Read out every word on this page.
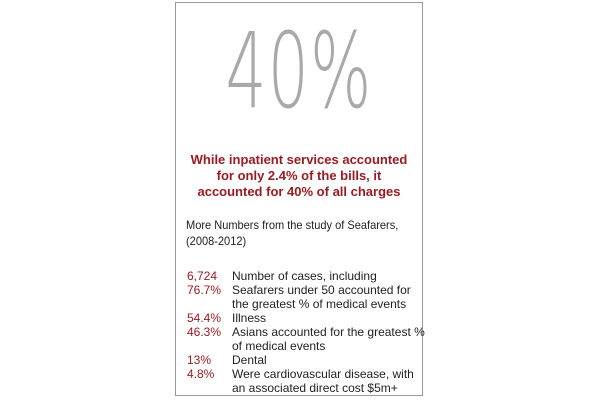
40%
While inpatient services accounted
for only 2.4% of the bills, it
accounted for 40% of all charges
More Numbers from the study of Seafarers,
(2008-2012)
6,724	Number of cases, including
76.7% Seafarers under 50 accounted for
the greatest % of medical events
54.4% Illness
46.3% Asians accounted for the greatest %
of medical events
13%	Dental
4.8%	Were cardiovascular disease, with
an associated direct cost $5m+
